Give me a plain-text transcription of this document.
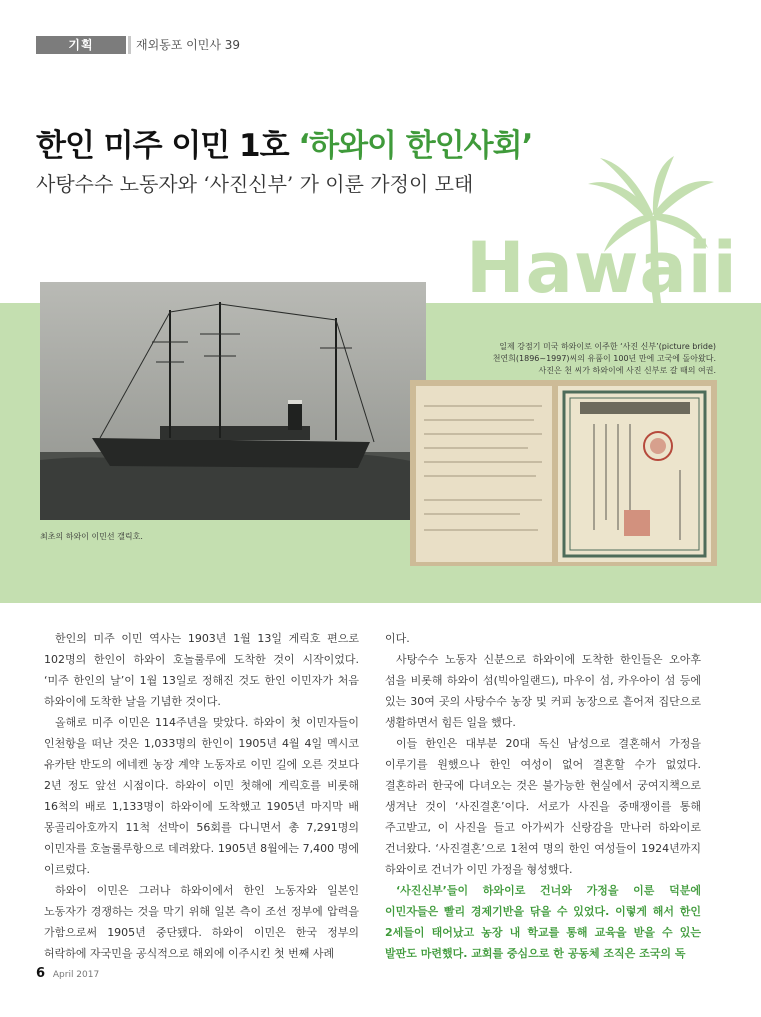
기획	재외동포 이민사 39
한인 미주 이민 1호 ‘하와이 한인사회’
사탕수수 노동자와 ‘사진신부’ 가 이룬 가정이 모태
Hawaii
최초의 하와이 이민선 갤릭호.
일제 강점기 미국 하와이로 이주한 ‘사진 신부’(picture bride)
천연희(1896~1997)씨의 유품이 100년 만에 고국에 돌아왔다.
사진은 천 씨가 하와이에 사진 신부로 갈 때의 여권.

한인의 미주 이민 역사는 1903년 1월 13일 게릭호 편으로 102명의 한인이 하와이 호놀룰루에 도착한 것이 시작이었다. ‘미주 한인의 날’이 1월 13일로 정해진 것도 한인 이민자가 처음 하와이에 도착한 날을 기념한 것이다.

올해로 미주 이민은 114주년을 맞았다. 하와이 첫 이민자들이 인천항을 떠난 것은 1,033명의 한인이 1905년 4월 4일 멕시코 유카탄 반도의 에네켄 농장 계약 노동자로 이민 길에 오른 것보다 2년 정도 앞선 시점이다. 하와이 이민 첫해에 게릭호를 비롯해 16척의 배로 1,133명이 하와이에 도착했고 1905년 마지막 배 몽골리아호까지 11척 선박이 56회를 다니면서 총 7,291명의 이민자를 호놀룰루항으로 데려왔다. 1905년 8월에는 7,400 명에 이르렀다.

하와이 이민은 그러나 하와이에서 한인 노동자와 일본인 노동자가 경쟁하는 것을 막기 위해 일본 측이 조선 정부에 압력을 가함으로써 1905년 중단됐다. 하와이 이민은 한국 정부의 허락하에 자국민을 공식적으로 해외에 이주시킨 첫 번째 사례

이다.

사탕수수 노동자 신분으로 하와이에 도착한 한인들은 오아후 섬을 비롯해 하와이 섬(빅아일랜드), 마우이 섬, 카우아이 섬 등에 있는 30여 곳의 사탕수수 농장 및 커피 농장으로 흩어져 집단으로 생활하면서 힘든 일을 했다.

이들 한인은 대부분 20대 독신 남성으로 결혼해서 가정을 이루기를 원했으나 한인 여성이 없어 결혼할 수가 없었다. 결혼하러 한국에 다녀오는 것은 불가능한 현실에서 궁여지책으로 생겨난 것이 ‘사진결혼’이다. 서로가 사진을 중매쟁이를 통해 주고받고, 이 사진을 들고 아가씨가 신랑감을 만나러 하와이로 건너왔다. ‘사진결혼’으로 1천여 명의 한인 여성들이 1924년까지 하와이로 건너가 이민 가정을 형성했다.

‘사진신부’들이 하와이로 건너와 가정을 이룬 덕분에 이민자들은 빨리 경제기반을 닦을 수 있었다. 이렇게 해서 한인 2세들이 태어났고 농장 내 학교를 통해 교육을 받을 수 있는 발판도 마련했다. 교회를 중심으로 한 공동체 조직은 조국의 독

6 April 2017
